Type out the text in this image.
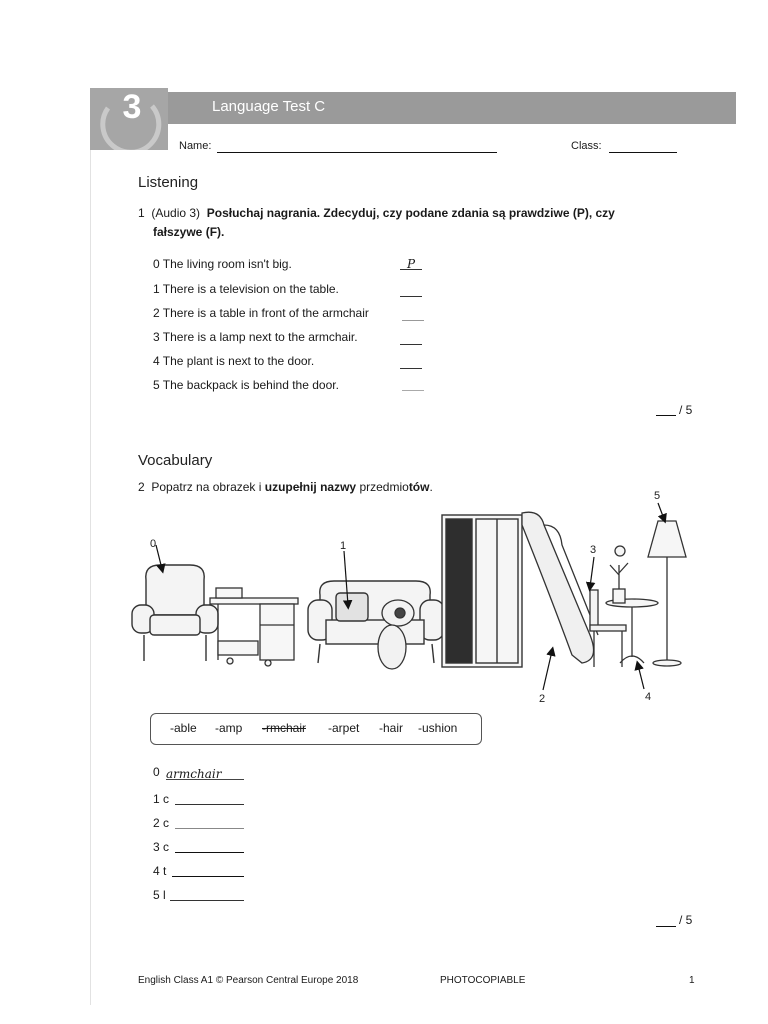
3	Language Test C
Name:	Class:
Listening
1 (Audio 3) Posłuchaj nagrania. Zdecyduj, czy podane zdania są prawdziwe (P), czy
fałszywe (F).
0 The living room isn't big.	P
1 There is a television on the table.
2 There is a table in front of the armchair
3 There is a lamp next to the armchair.
4 The plant is next to the door.
5 The backpack is behind the door.
/ 5
Vocabulary
2 Popatrz na obrazek i uzupełnij nazwy przedmiotów.
0	1
2
3
4
5
-able -amp -rmchair -arpet -hair -ushion
0 armchair
1 c
2 c
3 c
4 t
5 l
/ 5
English Class A1 © Pearson Central Europe 2018	PHOTOCOPIABLE	1
